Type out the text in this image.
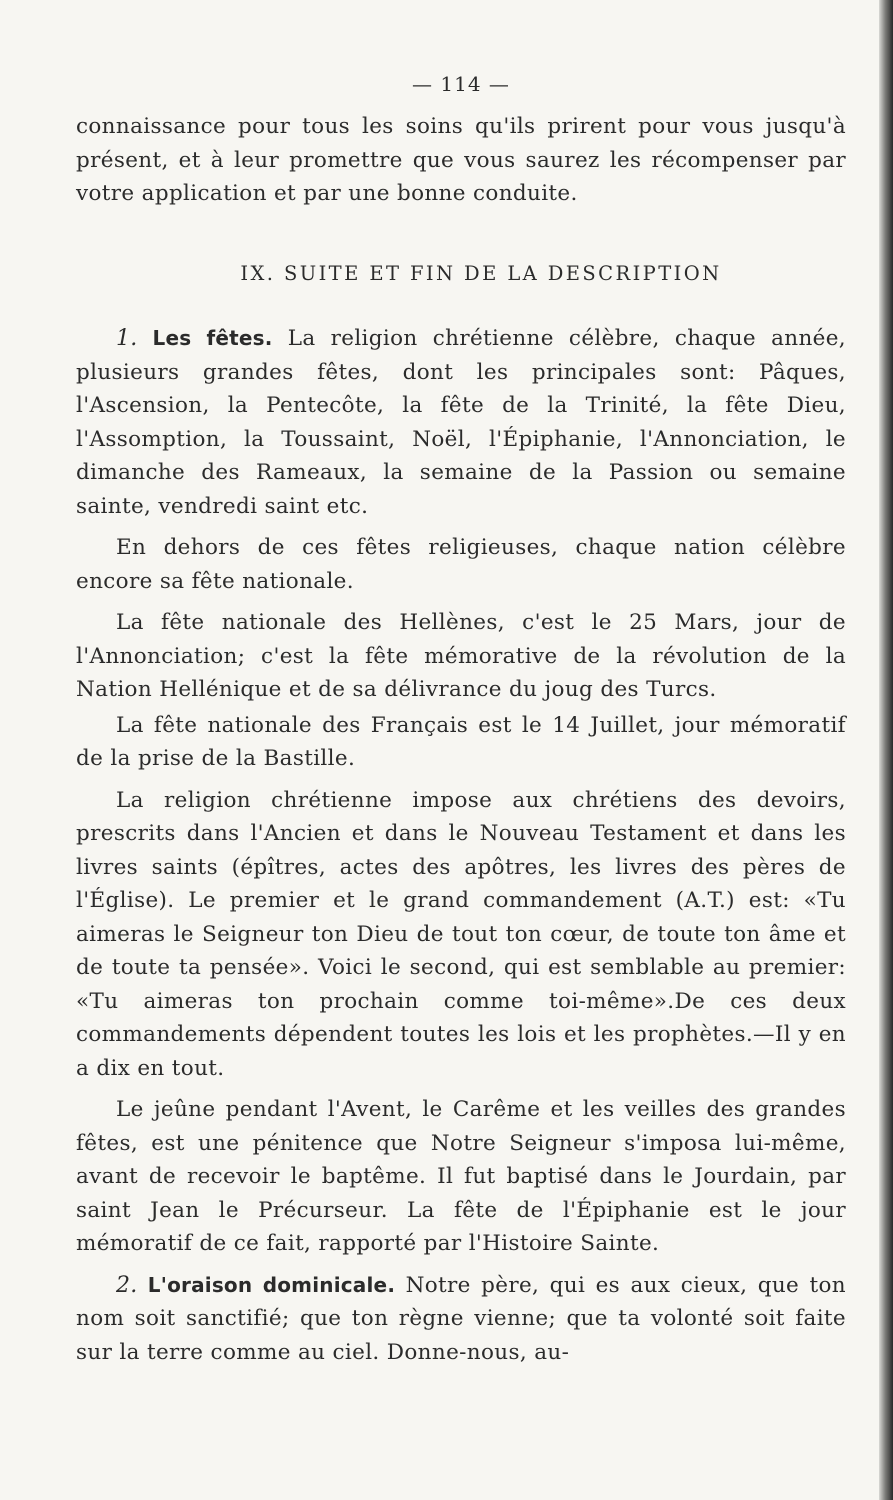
— 114 —

connaissance pour tous les soins qu'ils prirent pour vous jusqu'à présent, et à leur promettre que vous saurez les récompenser par votre application et par une bonne conduite.

IX. SUITE ET FIN DE LA DESCRIPTION

1. Les fêtes. La religion chrétienne célèbre, chaque année, plusieurs grandes fêtes, dont les principales sont: Pâques, l'Ascension, la Pentecôte, la fête de la Trinité, la fête Dieu, l'Assomption, la Toussaint, Noël, l'Épiphanie, l'Annonciation, le dimanche des Rameaux, la semaine de la Passion ou semaine sainte, vendredi saint etc.

En dehors de ces fêtes religieuses, chaque nation célèbre encore sa fête nationale.

La fête nationale des Hellènes, c'est le 25 Mars, jour de l'Annonciation; c'est la fête mémorative de la révolution de la Nation Hellénique et de sa délivrance du joug des Turcs.

La fête nationale des Français est le 14 Juillet, jour mémoratif de la prise de la Bastille.

La religion chrétienne impose aux chrétiens des devoirs, prescrits dans l'Ancien et dans le Nouveau Testament et dans les livres saints (épîtres, actes des apôtres, les livres des pères de l'Église). Le premier et le grand commandement (A.T.) est: «Tu aimeras le Seigneur ton Dieu de tout ton cœur, de toute ton âme et de toute ta pensée». Voici le second, qui est semblable au premier: «Tu aimeras ton prochain comme toi-même».De ces deux commandements dépendent toutes les lois et les prophètes.—Il y en a dix en tout.

Le jeûne pendant l'Avent, le Carême et les veilles des grandes fêtes, est une pénitence que Notre Seigneur s'imposa lui-même, avant de recevoir le baptême. Il fut baptisé dans le Jourdain, par saint Jean le Précurseur. La fête de l'Épiphanie est le jour mémoratif de ce fait, rapporté par l'Histoire Sainte.

2. L'oraison dominicale. Notre père, qui es aux cieux, que ton nom soit sanctifié; que ton règne vienne; que ta volonté soit faite sur la terre comme au ciel. Donne-nous, au-
